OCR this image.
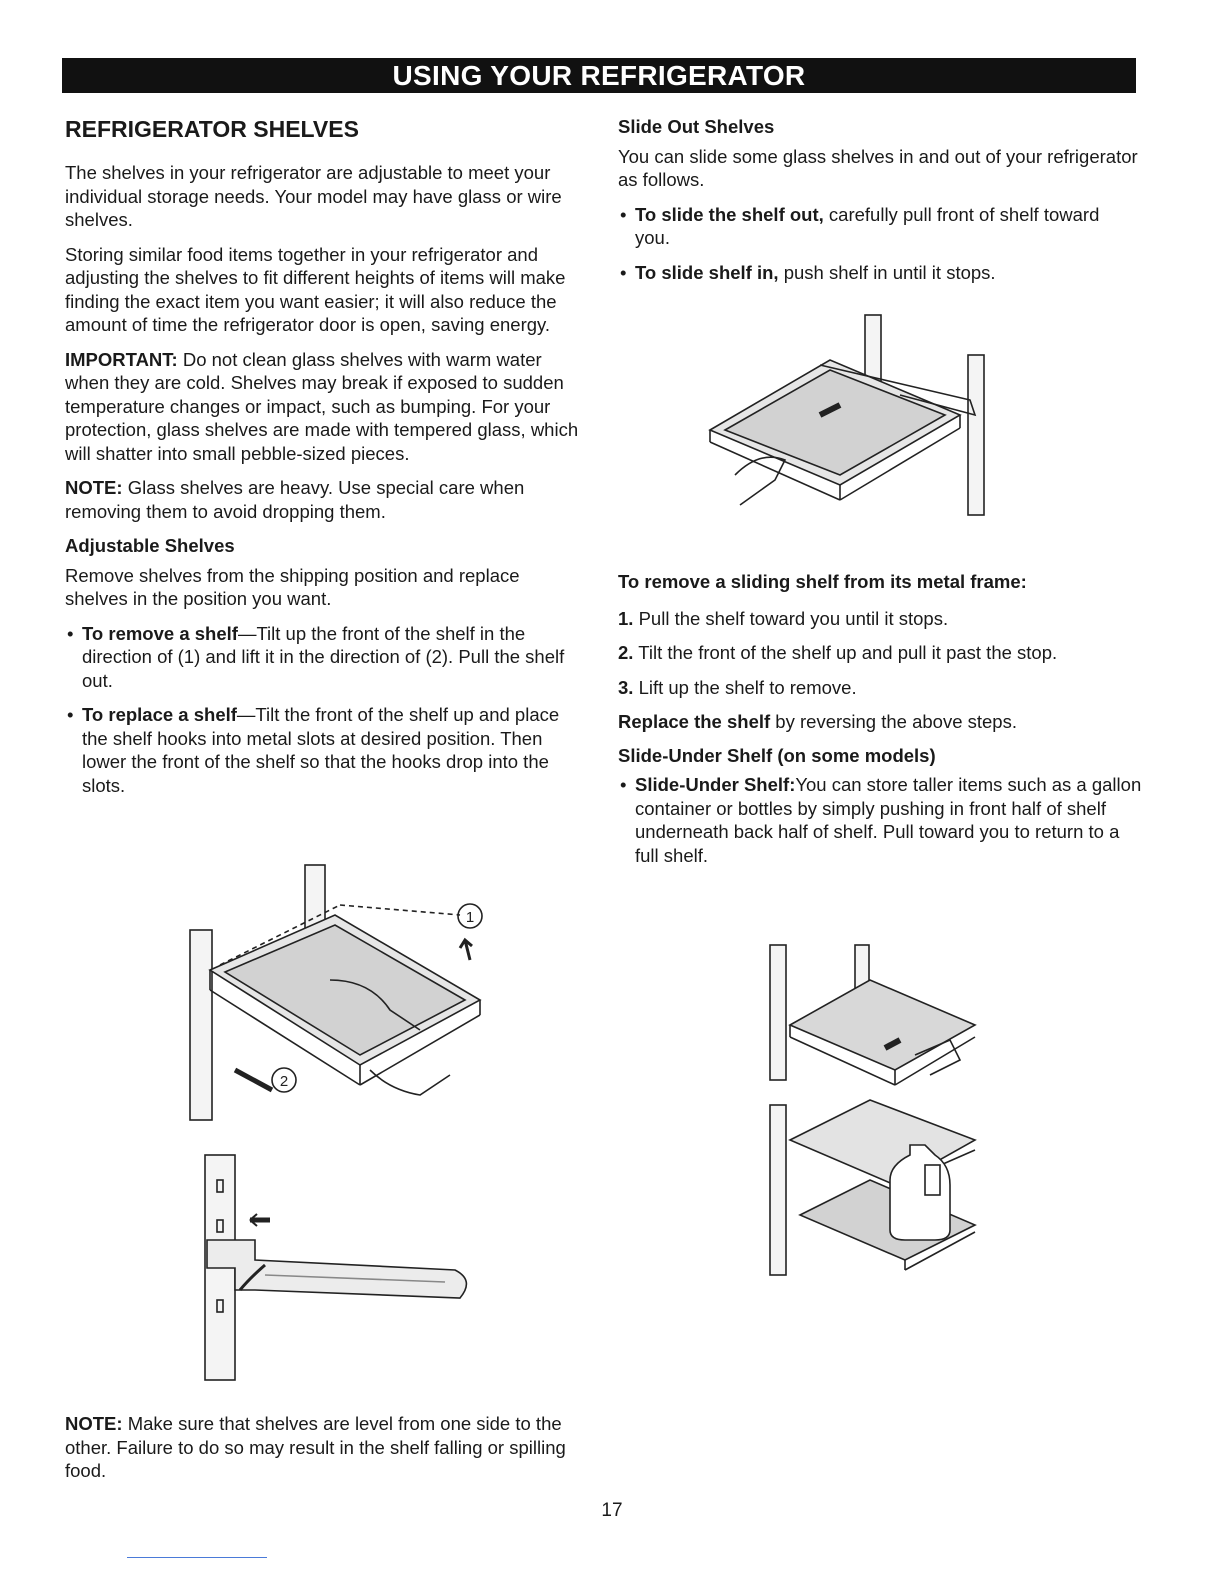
USING YOUR REFRIGERATOR
REFRIGERATOR SHELVES

The shelves in your refrigerator are adjustable to meet your individual storage needs. Your model may have glass or wire shelves.

Storing similar food items together in your refrigerator and adjusting the shelves to fit different heights of items will make finding the exact item you want easier; it will also reduce the amount of time the refrigerator door is open, saving energy.

IMPORTANT: Do not clean glass shelves with warm water when they are cold. Shelves may break if exposed to sudden temperature changes or impact, such as bumping. For your protection, glass shelves are made with tempered glass, which will shatter into small pebble-sized pieces.

NOTE: Glass shelves are heavy. Use special care when removing them to avoid dropping them.

Adjustable Shelves

Remove shelves from the shipping position and replace shelves in the position you want.

• To remove a shelf—Tilt up the front of the shelf in the direction of (1) and lift it in the direction of (2). Pull the shelf out.
• To replace a shelf—Tilt the front of the shelf up and place the shelf hooks into metal slots at desired position. Then lower the front of the shelf so that the hooks drop into the slots.
1
2

NOTE: Make sure that shelves are level from one side to the other. Failure to do so may result in the shelf falling or spilling food.

Slide Out Shelves

You can slide some glass shelves in and out of your refrigerator as follows.

• To slide the shelf out, carefully pull front of shelf toward you.
• To slide shelf in, push shelf in until it stops.
To remove a sliding shelf from its metal frame:

1. Pull the shelf toward you until it stops.

2. Tilt the front of the shelf up and pull it past the stop.

3. Lift up the shelf to remove.

Replace the shelf by reversing the above steps.

Slide-Under Shelf (on some models)
• Slide-Under Shelf:You can store taller items such as a gallon container or bottles by simply pushing in front half of shelf underneath back half of shelf. Pull toward you to return to a full shelf.
17
